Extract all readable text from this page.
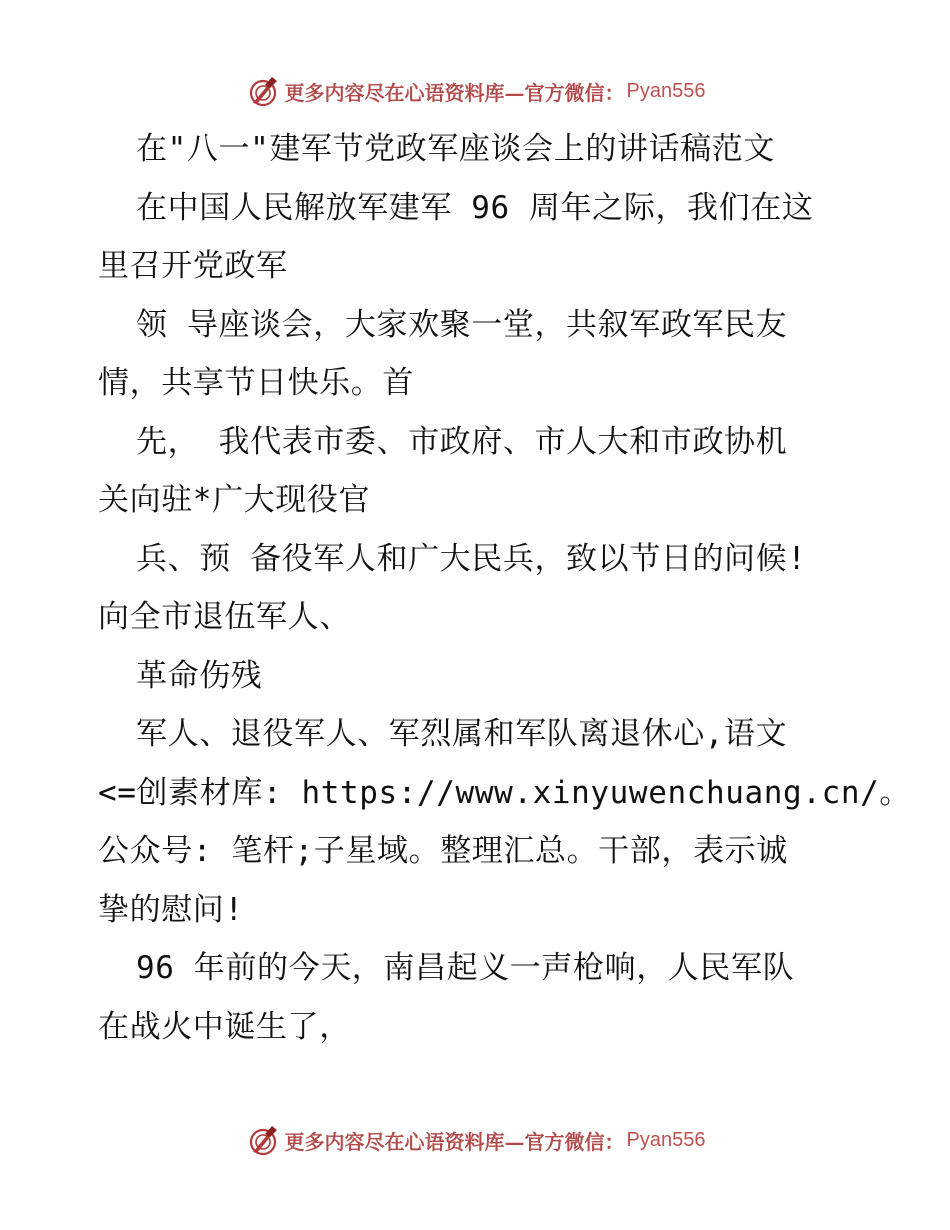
更多内容尽在心语资料库—官方微信： Pyan556
在"八一"建军节党政军座谈会上的讲话稿范文
在中国人民解放军建军 96 周年之际，我们在这
里召开党政军
领 导座谈会，大家欢聚一堂，共叙军政军民友
情，共享节日快乐。首
先， 我代表市委、市政府、市人大和市政协机
关向驻*广大现役官
兵、预 备役军人和广大民兵，致以节日的问候!
向全市退伍军人、
革命伤残
军人、退役军人、军烈属和军队离退休心,语文
<=创素材库: https://www.xinyuwenchuang.cn/。
公众号: 笔杆;子星域。整理汇总。干部，表示诚
挚的慰问!
96 年前的今天，南昌起义一声枪响，人民军队
在战火中诞生了，
更多内容尽在心语资料库—官方微信： Pyan556
